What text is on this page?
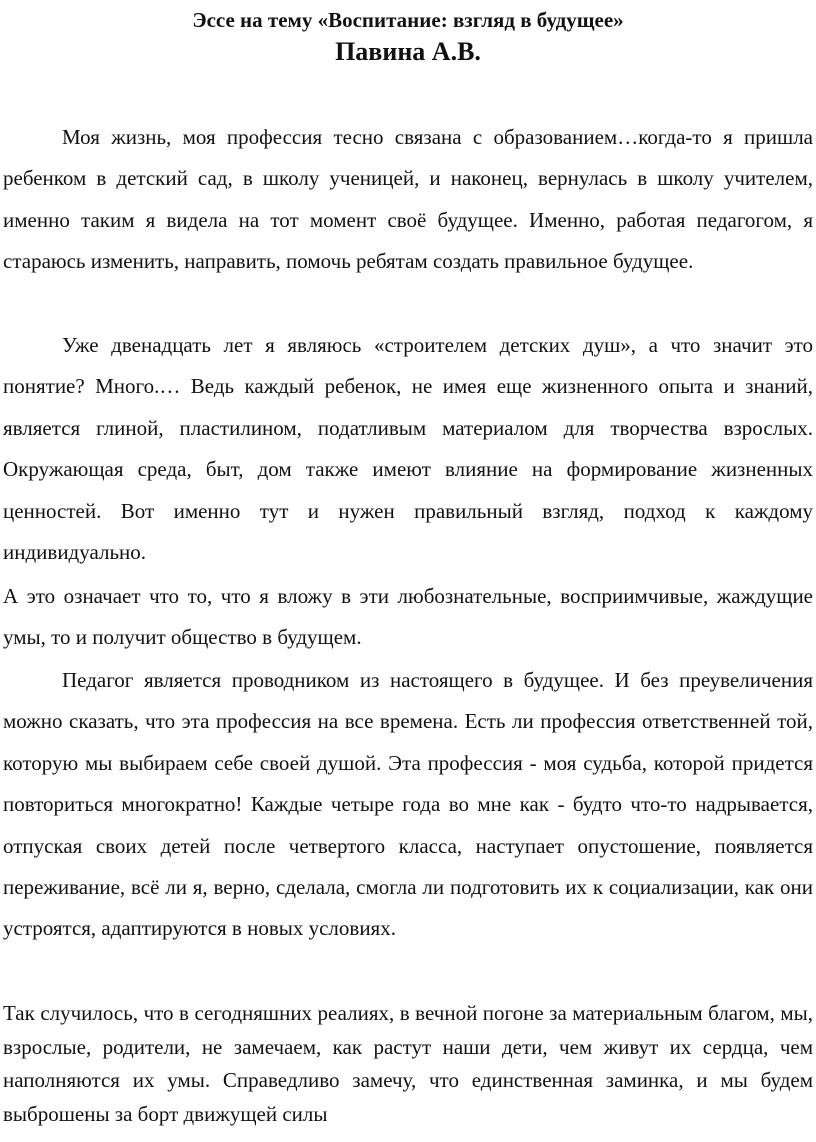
Эссе на тему «Воспитание: взгляд в будущее»
Павина А.В.

Моя жизнь, моя профессия тесно связана с образованием…когда-то я пришла ребенком в детский сад, в школу ученицей, и наконец, вернулась в школу учителем, именно таким я видела на тот момент своё будущее. Именно, работая педагогом, я стараюсь изменить, направить, помочь ребятам создать правильное будущее.

Уже двенадцать лет я являюсь «строителем детских душ», а что значит это понятие? Много.… Ведь каждый ребенок, не имея еще жизненного опыта и знаний, является глиной, пластилином, податливым материалом для творчества взрослых. Окружающая среда, быт, дом также имеют влияние на формирование жизненных ценностей. Вот именно тут и нужен правильный взгляд, подход к каждому индивидуально.

А это означает что то, что я вложу в эти любознательные, восприимчивые, жаждущие умы, то и получит общество в будущем.

Педагог является проводником из настоящего в будущее. И без преувеличения можно сказать, что эта профессия на все времена. Есть ли профессия ответственней той, которую мы выбираем себе своей душой. Эта профессия - моя судьба, которой придется повториться многократно! Каждые четыре года во мне как - будто что-то надрывается, отпуская своих детей после четвертого класса, наступает опустошение, появляется переживание, всё ли я, верно, сделала, смогла ли подготовить их к социализации, как они устроятся, адаптируются в новых условиях.

Так случилось, что в сегодняшних реалиях, в вечной погоне за материальным благом, мы, взрослые, родители, не замечаем, как растут наши дети, чем живут их сердца, чем наполняются их умы. Справедливо замечу, что единственная заминка, и мы будем выброшены за борт движущей силы
